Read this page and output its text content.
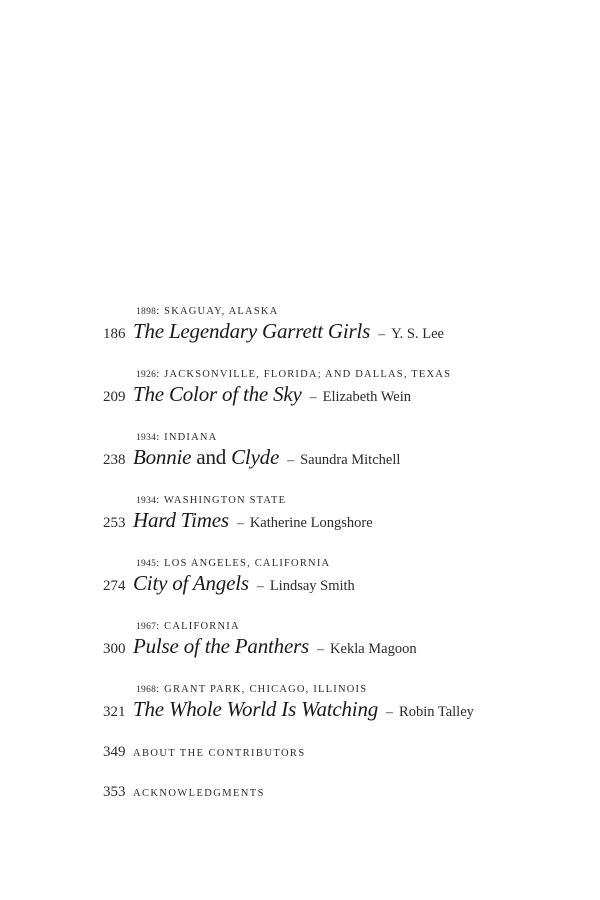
1898: SKAGUAY, ALASKA
186 The Legendary Garrett Girls – Y. S. Lee
1926: JACKSONVILLE, FLORIDA; AND DALLAS, TEXAS
209 The Color of the Sky – Elizabeth Wein
1934: INDIANA
238 Bonnie and Clyde – Saundra Mitchell
1934: WASHINGTON STATE
253 Hard Times – Katherine Longshore
1945: LOS ANGELES, CALIFORNIA
274 City of Angels – Lindsay Smith
1967: CALIFORNIA
300 Pulse of the Panthers – Kekla Magoon
1968: GRANT PARK, CHICAGO, ILLINOIS
321 The Whole World Is Watching – Robin Talley
349 ABOUT THE CONTRIBUTORS
353 ACKNOWLEDGMENTS
